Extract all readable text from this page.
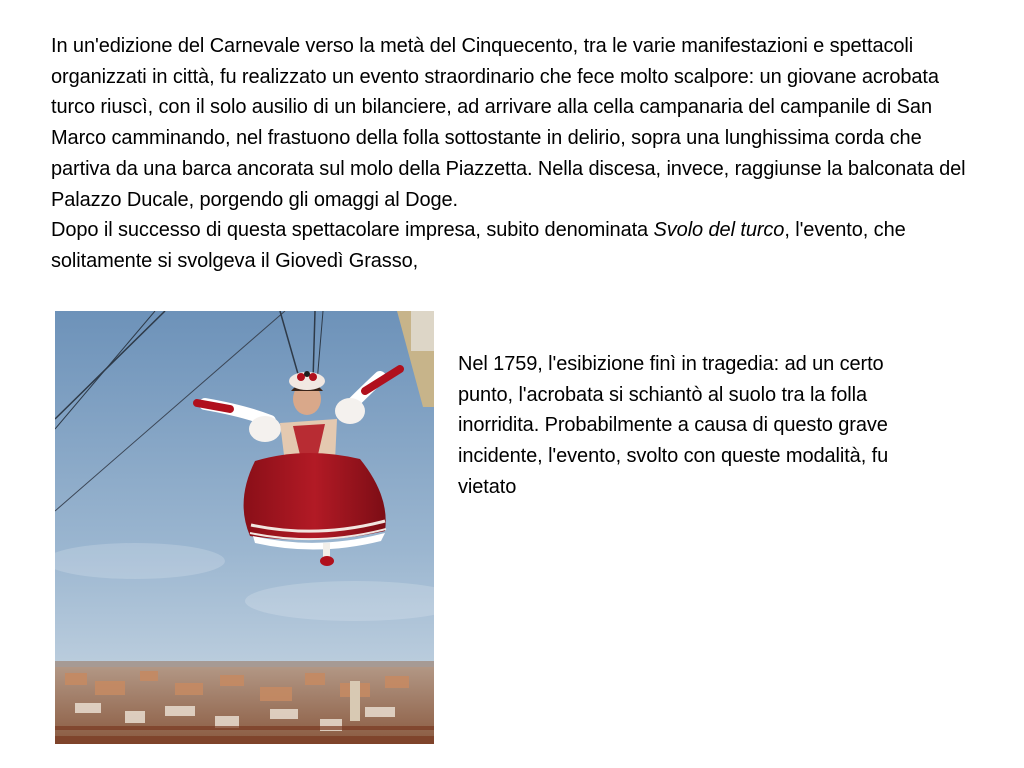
In un'edizione del Carnevale verso la metà del Cinquecento, tra le varie manifestazioni e spettacoli organizzati in città, fu realizzato un evento straordinario che fece molto scalpore: un giovane acrobata turco riuscì, con il solo ausilio di un bilanciere, ad arrivare alla cella campanaria del campanile di San Marco camminando, nel frastuono della folla sottostante in delirio, sopra una lunghissima corda che partiva da una barca ancorata sul molo della Piazzetta. Nella discesa, invece, raggiunse la balconata del Palazzo Ducale, porgendo gli omaggi al Doge.

Dopo il successo di questa spettacolare impresa, subito denominata Svolo del turco, l'evento, che solitamente si svolgeva il Giovedì Grasso,

Nel 1759, l'esibizione finì in tragedia: ad un certo punto, l'acrobata si schiantò al suolo tra la folla inorridita. Probabilmente a causa di questo grave incidente, l'evento, svolto con queste modalità, fu vietato
